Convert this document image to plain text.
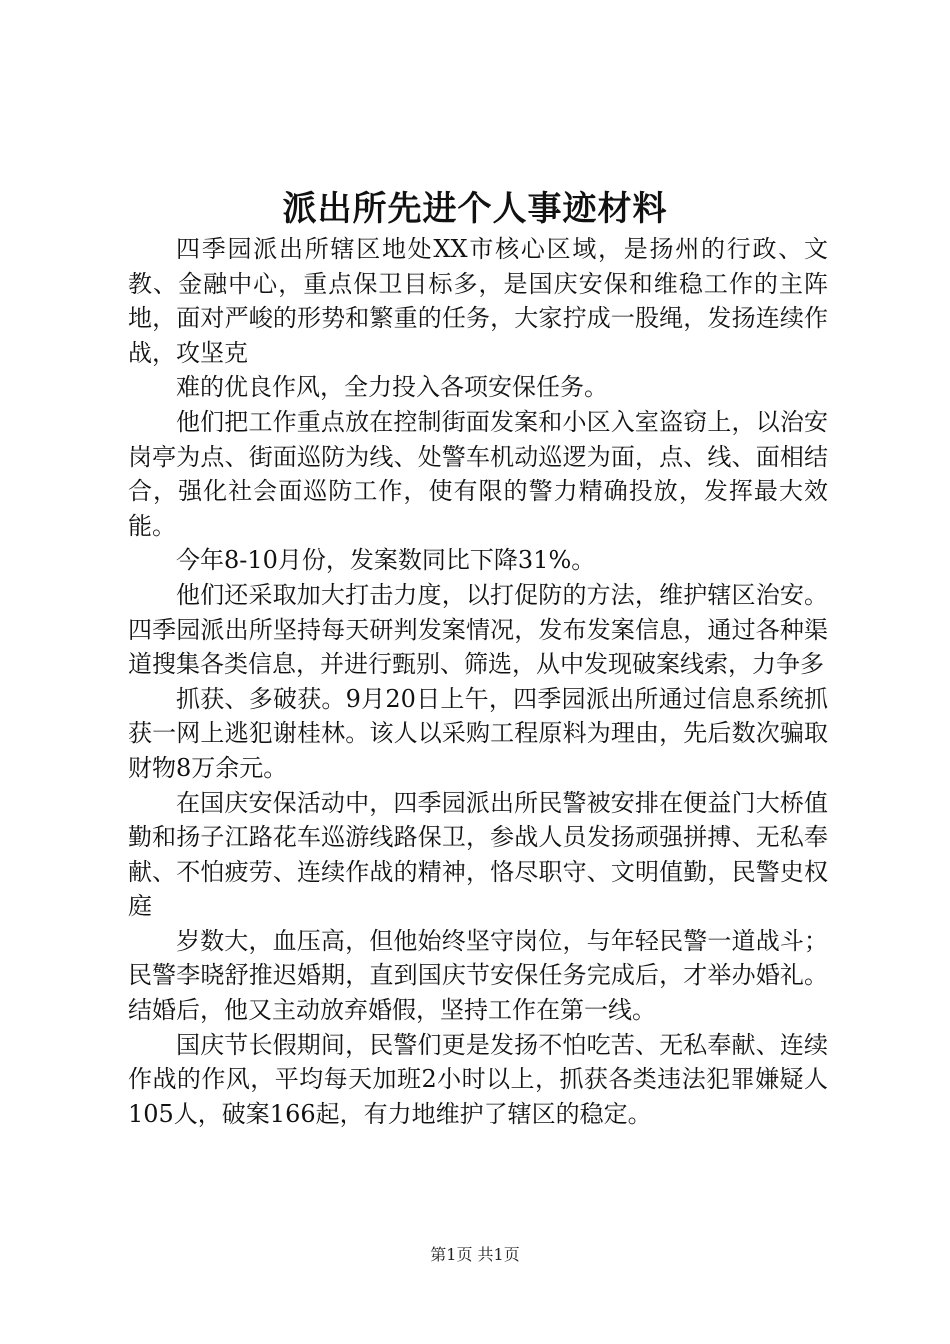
派出所先进个人事迹材料

四季园派出所辖区地处XX市核心区域，是扬州的行政、文教、金融中心，重点保卫目标多，是国庆安保和维稳工作的主阵地，面对严峻的形势和繁重的任务，大家拧成一股绳，发扬连续作战，攻坚克

难的优良作风，全力投入各项安保任务。

他们把工作重点放在控制街面发案和小区入室盗窃上，以治安岗亭为点、街面巡防为线、处警车机动巡逻为面，点、线、面相结合，强化社会面巡防工作，使有限的警力精确投放，发挥最大效能。

今年8-10月份，发案数同比下降31%。

他们还采取加大打击力度，以打促防的方法，维护辖区治安。四季园派出所坚持每天研判发案情况，发布发案信息，通过各种渠道搜集各类信息，并进行甄别、筛选，从中发现破案线索，力争多

抓获、多破获。9月20日上午，四季园派出所通过信息系统抓获一网上逃犯谢桂林。该人以采购工程原料为理由，先后数次骗取财物8万余元。

在国庆安保活动中，四季园派出所民警被安排在便益门大桥值勤和扬子江路花车巡游线路保卫，参战人员发扬顽强拼搏、无私奉献、不怕疲劳、连续作战的精神，恪尽职守、文明值勤，民警史权庭

岁数大，血压高，但他始终坚守岗位，与年轻民警一道战斗；民警李晓舒推迟婚期，直到国庆节安保任务完成后，才举办婚礼。结婚后，他又主动放弃婚假，坚持工作在第一线。

国庆节长假期间，民警们更是发扬不怕吃苦、无私奉献、连续作战的作风，平均每天加班2小时以上，抓获各类违法犯罪嫌疑人105人，破案166起，有力地维护了辖区的稳定。

第1页 共1页
